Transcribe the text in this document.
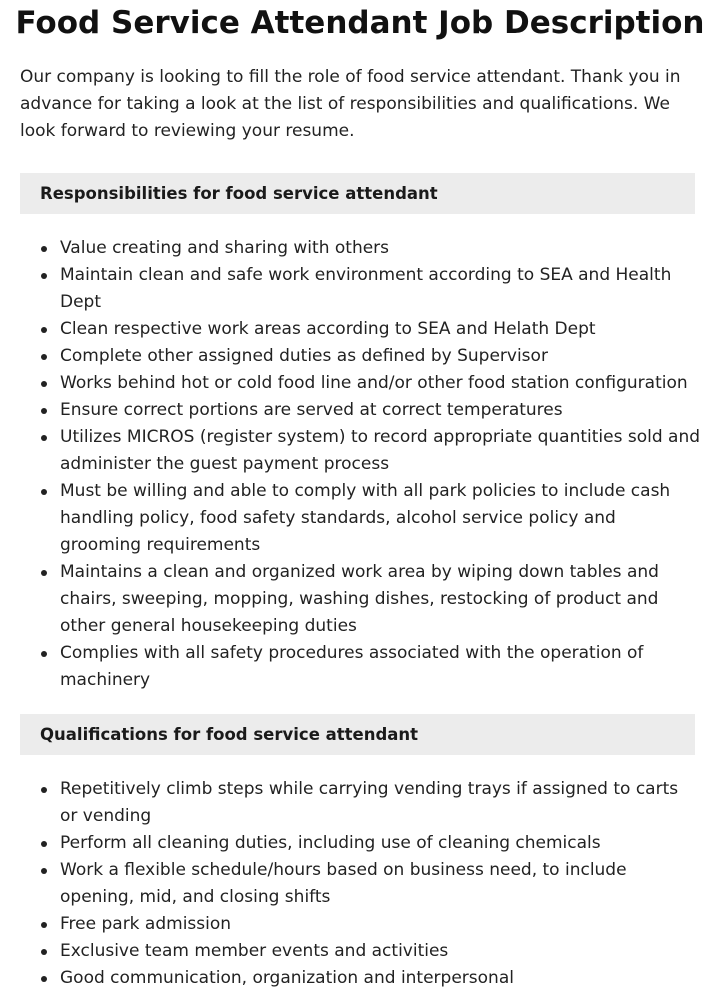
Food Service Attendant Job Description

Our company is looking to fill the role of food service attendant. Thank you in advance for taking a look at the list of responsibilities and qualifications. We look forward to reviewing your resume.

Responsibilities for food service attendant
Value creating and sharing with others
Maintain clean and safe work environment according to SEA and Health Dept
Clean respective work areas according to SEA and Helath Dept
Complete other assigned duties as defined by Supervisor
Works behind hot or cold food line and/or other food station configuration
Ensure correct portions are served at correct temperatures
Utilizes MICROS (register system) to record appropriate quantities sold and administer the guest payment process
Must be willing and able to comply with all park policies to include cash handling policy, food safety standards, alcohol service policy and grooming requirements
Maintains a clean and organized work area by wiping down tables and chairs, sweeping, mopping, washing dishes, restocking of product and other general housekeeping duties
Complies with all safety procedures associated with the operation of machinery
Qualifications for food service attendant
Repetitively climb steps while carrying vending trays if assigned to carts or vending
Perform all cleaning duties, including use of cleaning chemicals
Work a flexible schedule/hours based on business need, to include opening, mid, and closing shifts
Free park admission
Exclusive team member events and activities
Good communication, organization and interpersonal
